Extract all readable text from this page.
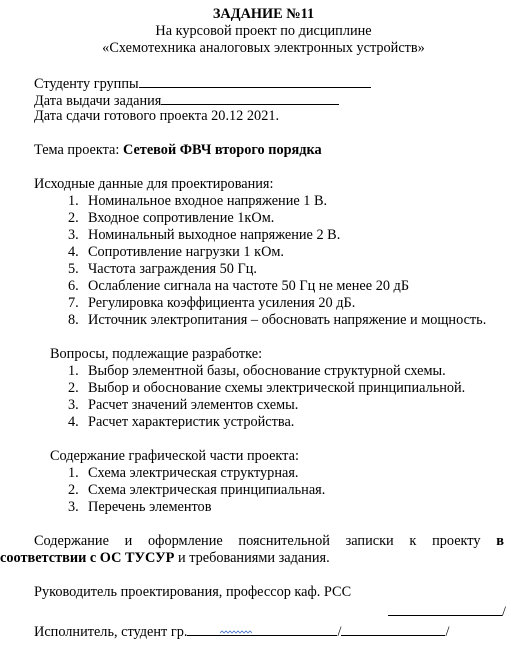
ЗАДАНИЕ №11
На курсовой проект по дисциплине
«Схемотехника аналоговых электронных устройств»
Студенту группы
Дата выдачи задания
Дата сдачи готового проекта 20.12 2021.
Тема проекта: Сетевой ФВЧ второго порядка
Исходные данные для проектирования:
1. Номинальное входное напряжение 1 В.
2. Входное сопротивление 1кОм.
3. Номинальный выходное напряжение 2 В.
4. Сопротивление нагрузки 1 кОм.
5. Частота заграждения 50 Гц.
6. Ослабление сигнала на частоте 50 Гц не менее 20 дБ
7. Регулировка коэффициента усиления 20 дБ.
8. Источник электропитания – обосновать напряжение и мощность.
Вопросы, подлежащие разработке:
1. Выбор элементной базы, обоснование структурной схемы.
2. Выбор и обоснование схемы электрической принципиальной.
3. Расчет значений элементов схемы.
4. Расчет характеристик устройства.
Содержание графической части проекта:
1. Схема электрическая структурная.
2. Схема электрическая принципиальная.
3. Перечень элементов
Содержание и оформление пояснительной записки к проекту в
соответствии с ОС ТУСУР и требованиями задания.
Руководитель проектирования, профессор каф. РСС
/
Исполнитель, студент гр.	/	/
